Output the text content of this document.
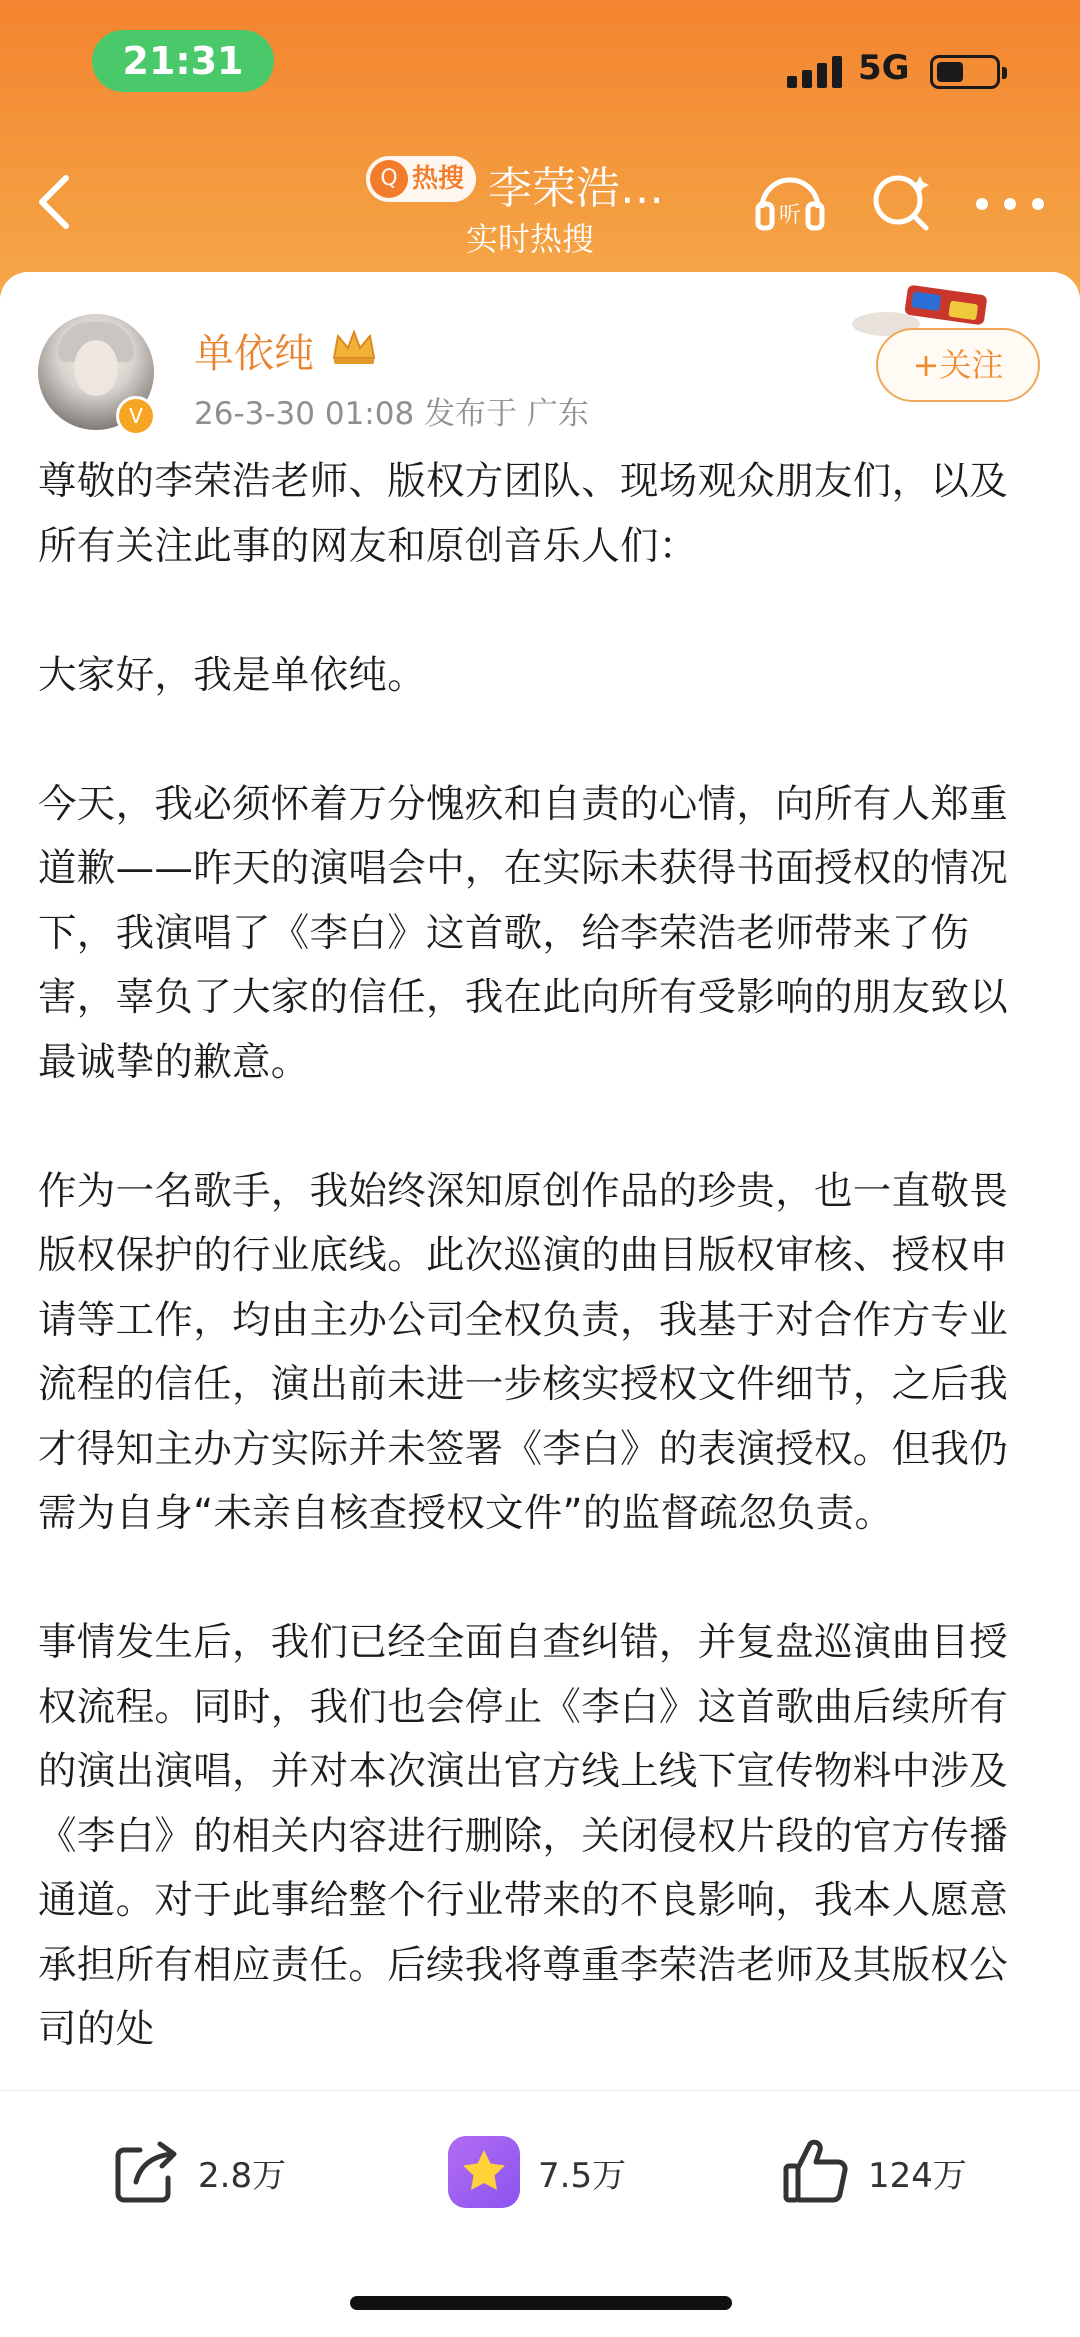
21:31	5G
Q 热搜 李荣浩…
实时热搜
听
V
单依纯
26-3-30 01:08 发布于 广东
+关注

尊敬的李荣浩老师、版权方团队、现场观众朋友们，以及所有关注此事的网友和原创音乐人们：

大家好，我是单依纯。

今天，我必须怀着万分愧疚和自责的心情，向所有人郑重道歉——昨天的演唱会中，在实际未获得书面授权的情况下，我演唱了《李白》这首歌，给李荣浩老师带来了伤害，辜负了大家的信任，我在此向所有受影响的朋友致以最诚挚的歉意。

作为一名歌手，我始终深知原创作品的珍贵，也一直敬畏版权保护的行业底线。此次巡演的曲目版权审核、授权申请等工作，均由主办公司全权负责，我基于对合作方专业流程的信任，演出前未进一步核实授权文件细节，之后我才得知主办方实际并未签署《李白》的表演授权。但我仍需为自身“未亲自核查授权文件”的监督疏忽负责。

事情发生后，我们已经全面自查纠错，并复盘巡演曲目授权流程。同时，我们也会停止《李白》这首歌曲后续所有的演出演唱，并对本次演出官方线上线下宣传物料中涉及《李白》的相关内容进行删除，关闭侵权片段的官方传播通道。对于此事给整个行业带来的不良影响，我本人愿意承担所有相应责任。后续我将尊重李荣浩老师及其版权公司的处

2.8万	7.5万	124万
